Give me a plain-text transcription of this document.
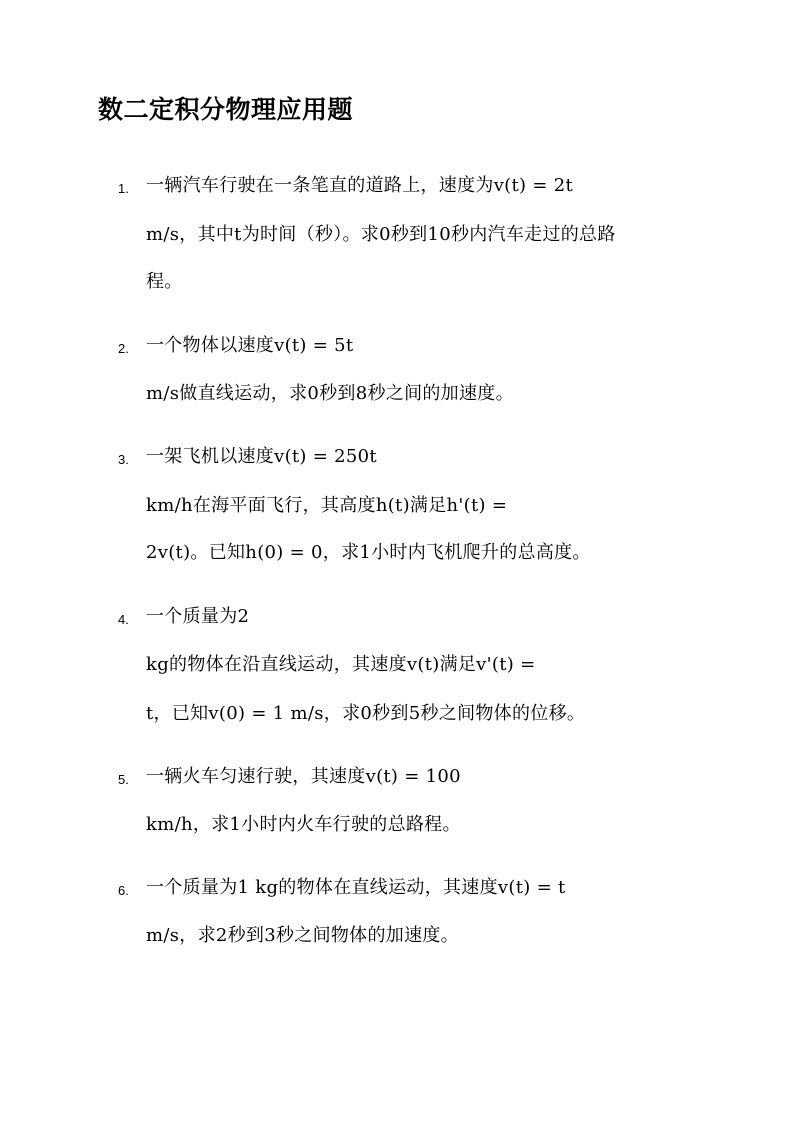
数二定积分物理应用题
1. 一辆汽车行驶在一条笔直的道路上，速度为v(t) = 2t
m/s，其中t为时间（秒）。求0秒到10秒内汽车走过的总路
程。
2. 一个物体以速度v(t) = 5t
m/s做直线运动，求0秒到8秒之间的加速度。
3. 一架飞机以速度v(t) = 250t
km/h在海平面飞行，其高度h(t)满足h'(t) =
2v(t)。已知h(0) = 0，求1小时内飞机爬升的总高度。
4. 一个质量为2
kg的物体在沿直线运动，其速度v(t)满足v'(t) =
t，已知v(0) = 1 m/s，求0秒到5秒之间物体的位移。
5. 一辆火车匀速行驶，其速度v(t) = 100
km/h，求1小时内火车行驶的总路程。
6. 一个质量为1 kg的物体在直线运动，其速度v(t) = t
m/s，求2秒到3秒之间物体的加速度。
